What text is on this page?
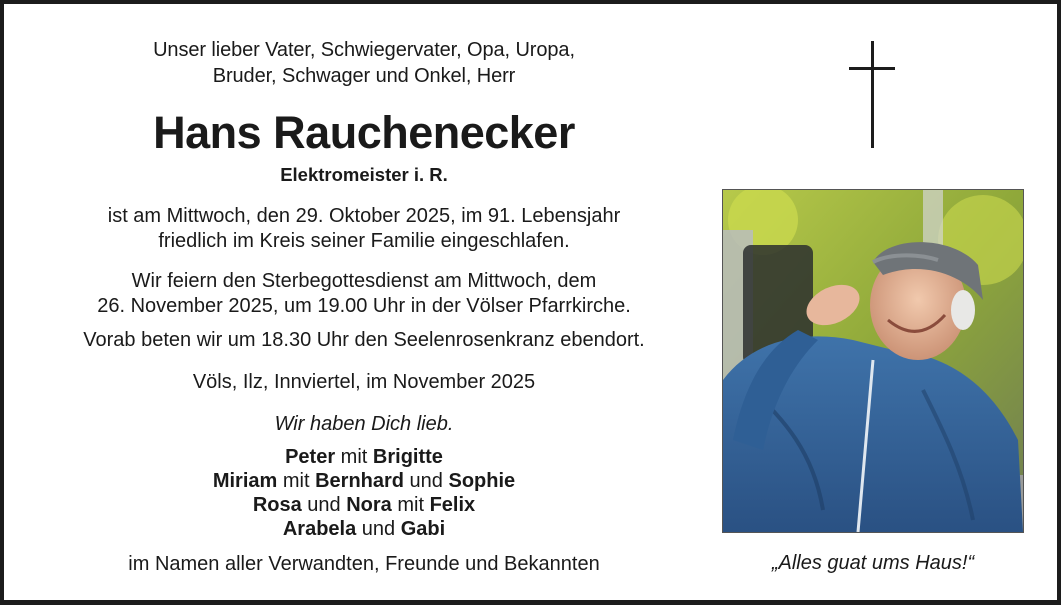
Unser lieber Vater, Schwiegervater, Opa, Uropa,
Bruder, Schwager und Onkel, Herr
Hans Rauchenecker
Elektromeister i. R.
ist am Mittwoch, den 29. Oktober 2025, im 91. Lebensjahr
friedlich im Kreis seiner Familie eingeschlafen.
Wir feiern den Sterbegottesdienst am Mittwoch, dem
26. November 2025, um 19.00 Uhr in der Völser Pfarrkirche.
Vorab beten wir um 18.30 Uhr den Seelenrosenkranz ebendort.
Völs, Ilz, Innviertel, im November 2025
Wir haben Dich lieb.
Peter mit Brigitte
Miriam mit Bernhard und Sophie
Rosa und Nora mit Felix
Arabela und Gabi
im Namen aller Verwandten, Freunde und Bekannten	„Alles guat ums Haus!“
